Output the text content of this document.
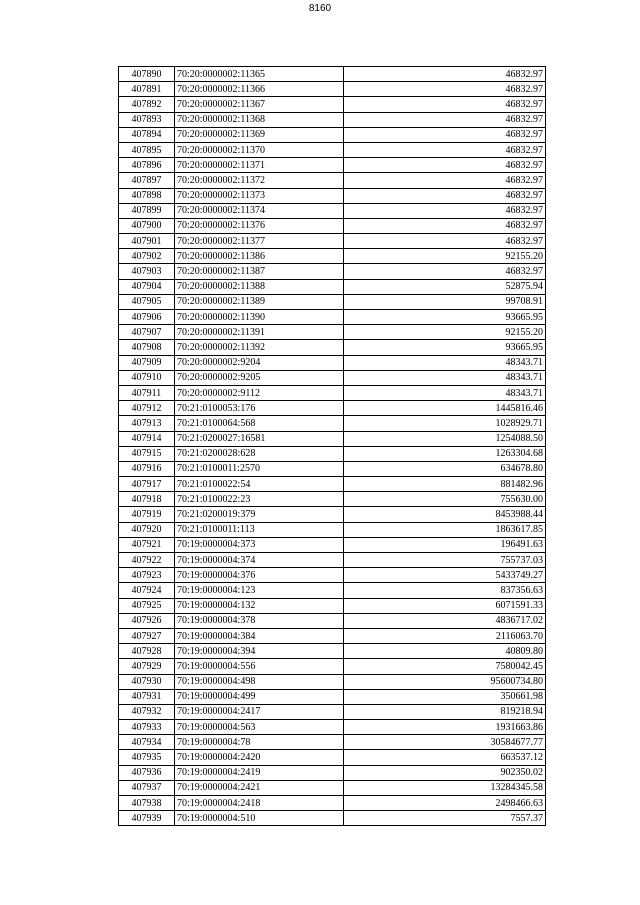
8160
407890	70:20:0000002:11365	46832.97
407891	70:20:0000002:11366	46832.97
407892	70:20:0000002:11367	46832.97
407893	70:20:0000002:11368	46832.97
407894	70:20:0000002:11369	46832.97
407895	70:20:0000002:11370	46832.97
407896	70:20:0000002:11371	46832.97
407897	70:20:0000002:11372	46832.97
407898	70:20:0000002:11373	46832.97
407899	70:20:0000002:11374	46832.97
407900	70:20:0000002:11376	46832.97
407901	70:20:0000002:11377	46832.97
407902	70:20:0000002:11386	92155.20
407903	70:20:0000002:11387	46832.97
407904	70:20:0000002:11388	52875.94
407905	70:20:0000002:11389	99708.91
407906	70:20:0000002:11390	93665.95
407907	70:20:0000002:11391	92155.20
407908	70:20:0000002:11392	93665.95
407909	70:20:0000002:9204	48343.71
407910	70:20:0000002:9205	48343.71
407911	70:20:0000002:9112	48343.71
407912	70:21:0100053:176	1445816.46
407913	70:21:0100064:568	1028929.71
407914	70:21:0200027:16581	1254088.50
407915	70:21:0200028:628	1263304.68
407916	70:21:0100011:2570	634678.80
407917	70:21:0100022:54	881482.96
407918	70:21:0100022:23	755630.00
407919	70:21:0200019:379	8453988.44
407920	70:21:0100011:113	1863617.85
407921	70:19:0000004:373	196491.63
407922	70:19:0000004:374	755737.03
407923	70:19:0000004:376	5433749.27
407924	70:19:0000004:123	837356.63
407925	70:19:0000004:132	6071591.33
407926	70:19:0000004:378	4836717.02
407927	70:19:0000004:384	2116063.70
407928	70:19:0000004:394	40809.80
407929	70:19:0000004:556	7580042.45
407930	70:19:0000004:498	95600734.80
407931	70:19:0000004:499	350661.98
407932	70:19:0000004:2417	819218.94
407933	70:19:0000004:563	1931663.86
407934	70:19:0000004:78	30584677.77
407935	70:19:0000004:2420	663537.12
407936	70:19:0000004:2419	902350.02
407937	70:19:0000004:2421	13284345.58
407938	70:19:0000004:2418	2498466.63
407939	70:19:0000004:510	7557.37
